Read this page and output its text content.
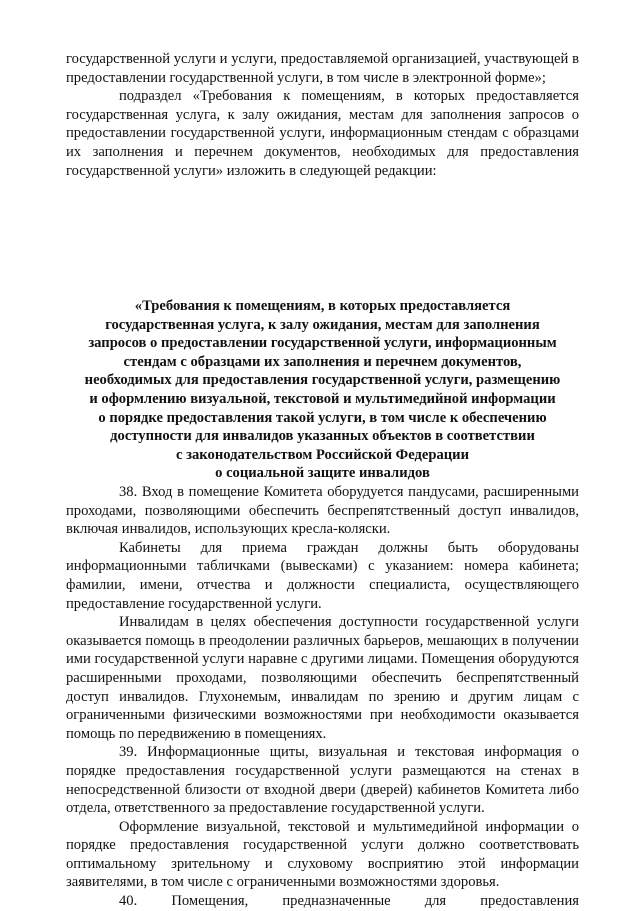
государственной услуги и услуги, предоставляемой организацией, участвующей в предоставлении государственной услуги, в том числе в электронной форме»;

подраздел «Требования к помещениям, в которых предоставляется государственная услуга, к залу ожидания, местам для заполнения запросов о предоставлении государственной услуги, информационным стендам с образцами их заполнения и перечнем документов, необходимых для предоставления государственной услуги» изложить в следующей редакции:

«Требования к помещениям, в которых предоставляется
государственная услуга, к залу ожидания, местам для заполнения
запросов о предоставлении государственной услуги, информационным
стендам с образцами их заполнения и перечнем документов,
необходимых для предоставления государственной услуги, размещению
и оформлению визуальной, текстовой и мультимедийной информации
о порядке предоставления такой услуги, в том числе к обеспечению
доступности для инвалидов указанных объектов в соответствии
с законодательством Российской Федерации
о социальной защите инвалидов

38. Вход в помещение Комитета оборудуется пандусами, расширенными проходами, позволяющими обеспечить беспрепятственный доступ инвалидов, включая инвалидов, использующих кресла-коляски.

Кабинеты для приема граждан должны быть оборудованы информационными табличками (вывесками) с указанием: номера кабинета; фамилии, имени, отчества и должности специалиста, осуществляющего предоставление государственной услуги.

Инвалидам в целях обеспечения доступности государственной услуги оказывается помощь в преодолении различных барьеров, мешающих в получении ими государственной услуги наравне с другими лицами. Помещения оборудуются расширенными проходами, позволяющими обеспечить беспрепятственный доступ инвалидов. Глухонемым, инвалидам по зрению и другим лицам с ограниченными физическими возможностями при необходимости оказывается помощь по передвижению в помещениях.

39. Информационные щиты, визуальная и текстовая информация о порядке предоставления государственной услуги размещаются на стенах в непосредственной близости от входной двери (дверей) кабинетов Комитета либо отдела, ответственного за предоставление государственной услуги.

Оформление визуальной, текстовой и мультимедийной информации о порядке предоставления государственной услуги должно соответствовать оптимальному зрительному и слуховому восприятию этой информации заявителями, в том числе с ограниченными возможностями здоровья.

40. Помещения, предназначенные для предоставления
